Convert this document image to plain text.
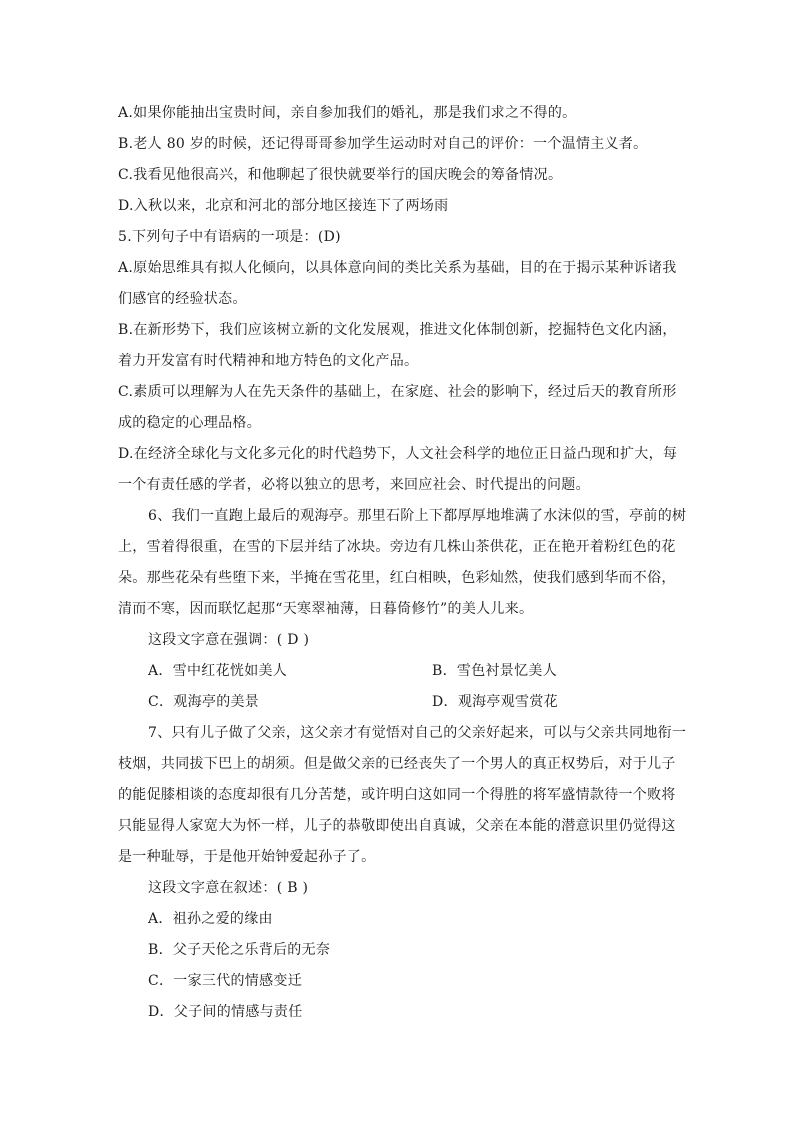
A.如果你能抽出宝贵时间，亲自参加我们的婚礼，那是我们求之不得的。
B.老人 80 岁的时候，还记得哥哥参加学生运动时对自己的评价：一个温情主义者。
C.我看见他很高兴，和他聊起了很快就要举行的国庆晚会的筹备情况。
D.入秋以来，北京和河北的部分地区接连下了两场雨
5.下列句子中有语病的一项是：(D)
A.原始思维具有拟人化倾向，以具体意向间的类比关系为基础，目的在于揭示某种诉诸我
们感官的经验状态。
B.在新形势下，我们应该树立新的文化发展观，推进文化体制创新，挖掘特色文化内涵，
着力开发富有时代精神和地方特色的文化产品。
C.素质可以理解为人在先天条件的基础上，在家庭、社会的影响下，经过后天的教育所形
成的稳定的心理品格。
D.在经济全球化与文化多元化的时代趋势下，人文社会科学的地位正日益凸现和扩大，每
一个有责任感的学者，必将以独立的思考，来回应社会、时代提出的问题。
6、我们一直跑上最后的观海亭。那里石阶上下都厚厚地堆满了水沫似的雪，亭前的树
上，雪着得很重，在雪的下层并结了冰块。旁边有几株山茶供花，正在艳开着粉红色的花
朵。那些花朵有些堕下来，半掩在雪花里，红白相映，色彩灿然，使我们感到华而不俗，
清而不寒，因而联忆起那“天寒翠袖薄，日暮倚修竹”的美人儿来。
这段文字意在强调：( D )
A．雪中红花恍如美人	B．雪色衬景忆美人
C．观海亭的美景	D．观海亭观雪赏花
7、只有儿子做了父亲，这父亲才有觉悟对自己的父亲好起来，可以与父亲共同地衔一
枝烟，共同拔下巴上的胡须。但是做父亲的已经丧失了一个男人的真正权势后，对于儿子
的能促膝相谈的态度却很有几分苦楚，或许明白这如同一个得胜的将军盛情款待一个败将
只能显得人家宽大为怀一样，儿子的恭敬即使出自真诚，父亲在本能的潜意识里仍觉得这
是一种耻辱，于是他开始钟爱起孙子了。
这段文字意在叙述：( B )
A．祖孙之爱的缘由
B．父子天伦之乐背后的无奈
C．一家三代的情感变迁
D．父子间的情感与责任
